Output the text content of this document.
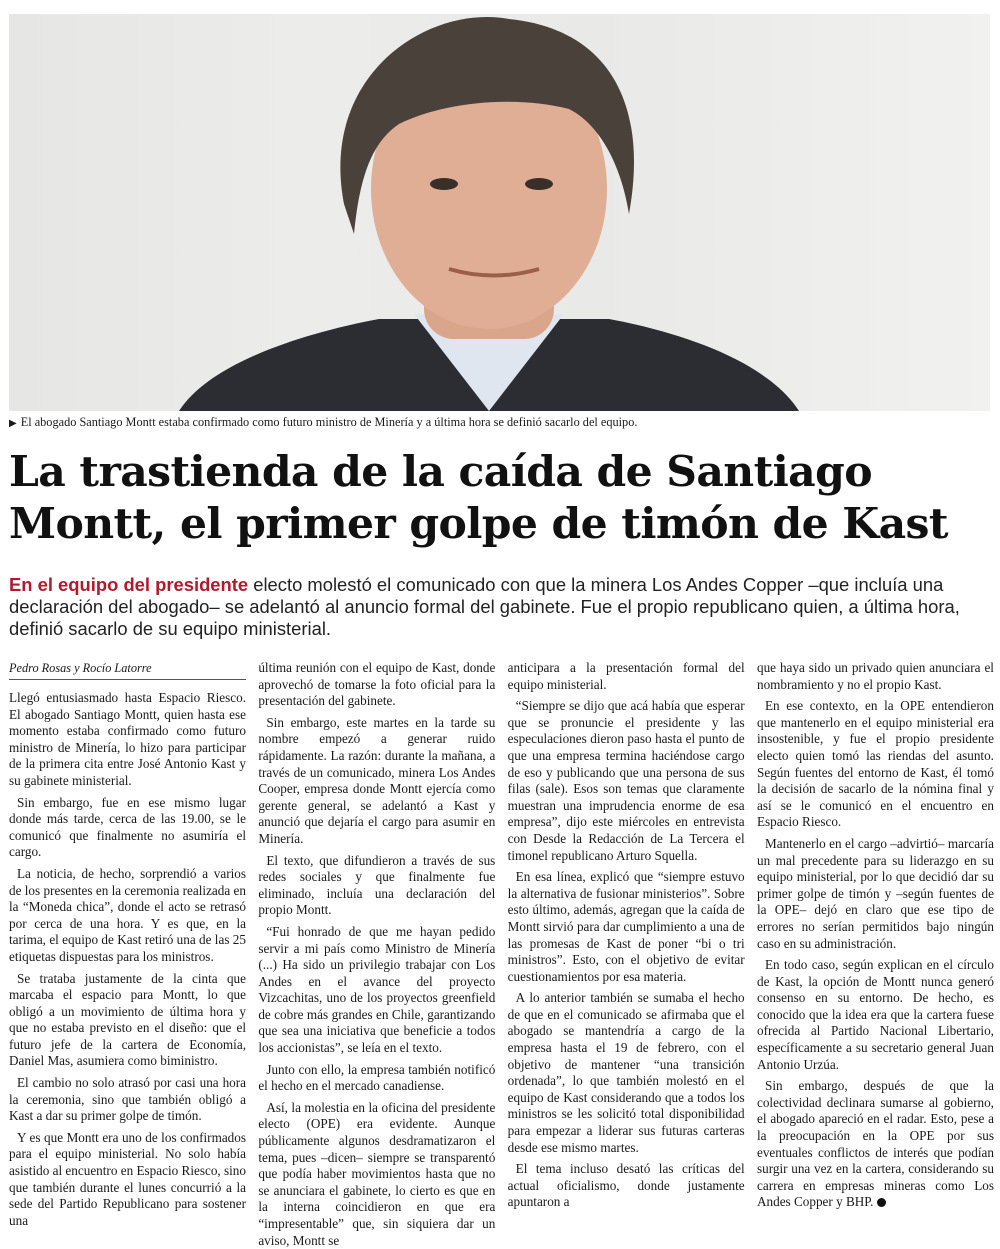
▶ El abogado Santiago Montt estaba confirmado como futuro ministro de Minería y a última hora se definió sacarlo del equipo.
La trastienda de la caída de Santiago
Montt, el primer golpe de timón de Kast
En el equipo del presidente electo molestó el comunicado con que la minera Los Andes Copper –que incluía una declaración del abogado– se adelantó al anuncio formal del gabinete. Fue el propio republicano quien, a última hora, definió sacarlo de su equipo ministerial.
Pedro Rosas y Rocío Latorre

Llegó entusiasmado hasta Espacio Riesco. El abogado Santiago Montt, quien hasta ese momento estaba confirmado como futuro ministro de Minería, lo hizo para participar de la primera cita entre José Antonio Kast y su gabinete ministerial.

Sin embargo, fue en ese mismo lugar donde más tarde, cerca de las 19.00, se le comunicó que finalmente no asumiría el cargo.

La noticia, de hecho, sorprendió a varios de los presentes en la ceremonia realizada en la “Moneda chica”, donde el acto se retrasó por cerca de una hora. Y es que, en la tarima, el equipo de Kast retiró una de las 25 etiquetas dispuestas para los ministros.

Se trataba justamente de la cinta que marcaba el espacio para Montt, lo que obligó a un movimiento de última hora y que no estaba previsto en el diseño: que el futuro jefe de la cartera de Economía, Daniel Mas, asumiera como biministro.

El cambio no solo atrasó por casi una hora la ceremonia, sino que también obligó a Kast a dar su primer golpe de timón.

Y es que Montt era uno de los confirmados para el equipo ministerial. No solo había asistido al encuentro en Espacio Riesco, sino que también durante el lunes concurrió a la sede del Partido Republicano para sostener una

última reunión con el equipo de Kast, donde aprovechó de tomarse la foto oficial para la presentación del gabinete.

Sin embargo, este martes en la tarde su nombre empezó a generar ruido rápidamente. La razón: durante la mañana, a través de un comunicado, minera Los Andes Cooper, empresa donde Montt ejercía como gerente general, se adelantó a Kast y anunció que dejaría el cargo para asumir en Minería.

El texto, que difundieron a través de sus redes sociales y que finalmente fue eliminado, incluía una declaración del propio Montt.

“Fui honrado de que me hayan pedido servir a mi país como Ministro de Minería (...) Ha sido un privilegio trabajar con Los Andes en el avance del proyecto Vizcachitas, uno de los proyectos greenfield de cobre más grandes en Chile, garantizando que sea una iniciativa que beneficie a todos los accionistas”, se leía en el texto.

Junto con ello, la empresa también notificó el hecho en el mercado canadiense.

Así, la molestia en la oficina del presidente electo (OPE) era evidente. Aunque públicamente algunos desdramatizaron el tema, pues –dicen– siempre se transparentó que podía haber movimientos hasta que no se anunciara el gabinete, lo cierto es que en la interna coincidieron en que era “impresentable” que, sin siquiera dar un aviso, Montt se

anticipara a la presentación formal del equipo ministerial.

“Siempre se dijo que acá había que esperar que se pronuncie el presidente y las especulaciones dieron paso hasta el punto de que una empresa termina haciéndose cargo de eso y publicando que una persona de sus filas (sale). Esos son temas que claramente muestran una imprudencia enorme de esa empresa”, dijo este miércoles en entrevista con Desde la Redacción de La Tercera el timonel republicano Arturo Squella.

En esa línea, explicó que “siempre estuvo la alternativa de fusionar ministerios”. Sobre esto último, además, agregan que la caída de Montt sirvió para dar cumplimiento a una de las promesas de Kast de poner “bi o tri ministros”. Esto, con el objetivo de evitar cuestionamientos por esa materia.

A lo anterior también se sumaba el hecho de que en el comunicado se afirmaba que el abogado se mantendría a cargo de la empresa hasta el 19 de febrero, con el objetivo de mantener “una transición ordenada”, lo que también molestó en el equipo de Kast considerando que a todos los ministros se les solicitó total disponibilidad para empezar a liderar sus futuras carteras desde ese mismo martes.

El tema incluso desató las críticas del actual oficialismo, donde justamente apuntaron a

que haya sido un privado quien anunciara el nombramiento y no el propio Kast.

En ese contexto, en la OPE entendieron que mantenerlo en el equipo ministerial era insostenible, y fue el propio presidente electo quien tomó las riendas del asunto. Según fuentes del entorno de Kast, él tomó la decisión de sacarlo de la nómina final y así se le comunicó en el encuentro en Espacio Riesco.

Mantenerlo en el cargo –advirtió– marcaría un mal precedente para su liderazgo en su equipo ministerial, por lo que decidió dar su primer golpe de timón y –según fuentes de la OPE– dejó en claro que ese tipo de errores no serían permitidos bajo ningún caso en su administración.

En todo caso, según explican en el círculo de Kast, la opción de Montt nunca generó consenso en su entorno. De hecho, es conocido que la idea era que la cartera fuese ofrecida al Partido Nacional Libertario, específicamente a su secretario general Juan Antonio Urzúa.

Sin embargo, después de que la colectividad declinara sumarse al gobierno, el abogado apareció en el radar. Esto, pese a la preocupación en la OPE por sus eventuales conflictos de interés que podían surgir una vez en la cartera, considerando su carrera en empresas mineras como Los Andes Copper y BHP.
